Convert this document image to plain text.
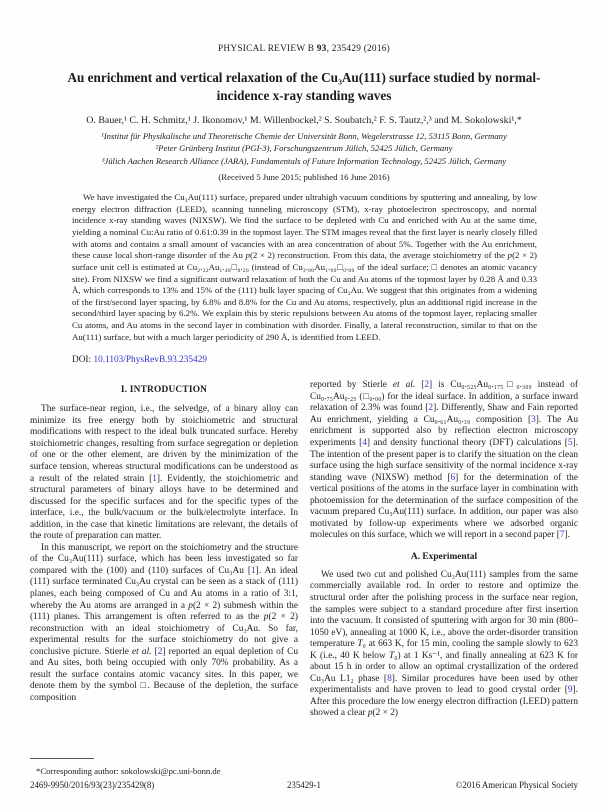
PHYSICAL REVIEW B 93, 235429 (2016)
Au enrichment and vertical relaxation of the Cu₃Au(111) surface studied by normal-incidence x-ray standing waves
O. Bauer,¹ C. H. Schmitz,¹ J. Ikonomov,¹ M. Willenbockel,² S. Soubatch,² F. S. Tautz,²,³ and M. Sokolowski¹,*
¹Institut für Physikalische und Theoretische Chemie der Universität Bonn, Wegelerstrasse 12, 53115 Bonn, Germany
²Peter Grünberg Institut (PGI-3), Forschungszentrum Jülich, 52425 Jülich, Germany
³Jülich Aachen Research Alliance (JARA), Fundamentals of Future Information Technology, 52425 Jülich, Germany
(Received 5 June 2015; published 16 June 2016)
We have investigated the Cu₃Au(111) surface, prepared under ultrahigh vacuum conditions by sputtering and annealing, by low energy electron diffraction (LEED), scanning tunneling microscopy (STM), x-ray photoelectron spectroscopy, and normal incidence x-ray standing waves (NIXSW). We find the surface to be depleted with Cu and enriched with Au at the same time, yielding a nominal Cu:Au ratio of 0.61:0.39 in the topmost layer. The STM images reveal that the first layer is nearly closely filled with atoms and contains a small amount of vacancies with an area concentration of about 5%. Together with the Au enrichment, these cause local short-range disorder of the Au p(2 × 2) reconstruction. From this data, the average stoichiometry of the p(2 × 2) surface unit cell is estimated at Cu₂.₃₂Au₁.₄₈□₀.₂₀ (instead of Cu₃.₀₀Au₁.₀₀□₀.₀₀ of the ideal surface; □ denotes an atomic vacancy site). From NIXSW we find a significant outward relaxation of both the Cu and Au atoms of the topmost layer by 0.28 Å and 0.33 Å, which corresponds to 13% and 15% of the (111) bulk layer spacing of Cu₃Au. We suggest that this originates from a widening of the first/second layer spacing, by 6.8% and 8.8% for the Cu and Au atoms, respectively, plus an additional rigid increase in the second/third layer spacing by 6.2%. We explain this by steric repulsions between Au atoms of the topmost layer, replacing smaller Cu atoms, and Au atoms in the second layer in combination with disorder. Finally, a lateral reconstruction, similar to that on the Au(111) surface, but with a much larger periodicity of 290 Å, is identified from LEED.
DOI: 10.1103/PhysRevB.93.235429
I. INTRODUCTION

The surface-near region, i.e., the selvedge, of a binary alloy can minimize its free energy both by stoichiometric and structural modifications with respect to the ideal bulk truncated surface. Hereby stoichiometric changes, resulting from surface segregation or depletion of one or the other element, are driven by the minimization of the surface tension, whereas structural modifications can be understood as a result of the related strain [1]. Evidently, the stoichiometric and structural parameters of binary alloys have to be determined and discussed for the specific surfaces and for the specific types of the interface, i.e., the bulk/vacuum or the bulk/electrolyte interface. In addition, in the case that kinetic limitations are relevant, the details of the route of preparation can matter.

In this manuscript, we report on the stoichiometry and the structure of the Cu₃Au(111) surface, which has been less investigated so far compared with the (100) and (110) surfaces of Cu₃Au [1]. An ideal (111) surface terminated Cu₃Au crystal can be seen as a stack of (111) planes, each being composed of Cu and Au atoms in a ratio of 3:1, whereby the Au atoms are arranged in a p(2 × 2) submesh within the (111) planes. This arrangement is often referred to as the p(2 × 2) reconstruction with an ideal stoichiometry of Cu₃Au. So far, experimental results for the surface stoichiometry do not give a conclusive picture. Stierle et al. [2] reported an equal depletion of Cu and Au sites, both being occupied with only 70% probability. As a result the surface contains atomic vacancy sites. In this paper, we denote them by the symbol □. Because of the depletion, the surface composition

*Corresponding author: sokolowski@pc.uni-bonn.de

reported by Stierle et al. [2] is Cu₀.₅₂₅Au₀.₁₇₅□₀.₃₀₀ instead of Cu₀.₇₅Au₀.₂₅ (□₀.₀₀) for the ideal surface. In addition, a surface inward relaxation of 2.3% was found [2]. Differently, Shaw and Fain reported Au enrichment, yielding a Cu₀.₆₁Au₀.₃₉ composition [3]. The Au enrichment is supported also by reflection electron microscopy experiments [4] and density functional theory (DFT) calculations [5]. The intention of the present paper is to clarify the situation on the clean surface using the high surface sensitivity of the normal incidence x-ray standing wave (NIXSW) method [6] for the determination of the vertical positions of the atoms in the surface layer in combination with photoemission for the determination of the surface composition of the vacuum prepared Cu₃Au(111) surface. In addition, our paper was also motivated by follow-up experiments where we adsorbed organic molecules on this surface, which we will report in a second paper [7].

A. Experimental

We used two cut and polished Cu₃Au(111) samples from the same commercially available rod. In order to restore and optimize the structural order after the polishing process in the surface near region, the samples were subject to a standard procedure after first insertion into the vacuum. It consisted of sputtering with argon for 30 min (800–1050 eV), annealing at 1000 K, i.e., above the order-disorder transition temperature T₀ at 663 K, for 15 min, cooling the sample slowly to 623 K (i.e., 40 K below T₀) at 1 Ks⁻¹, and finally annealing at 623 K for about 15 h in order to allow an optimal crystallization of the ordered Cu₃Au L1₂ phase [8]. Similar procedures have been used by other experimentalists and have proven to lead to good crystal order [9]. After this procedure the low energy electron diffraction (LEED) pattern showed a clear p(2 × 2)

2469-9950/2016/93(23)/235429(8)	235429-1	©2016 American Physical Society
